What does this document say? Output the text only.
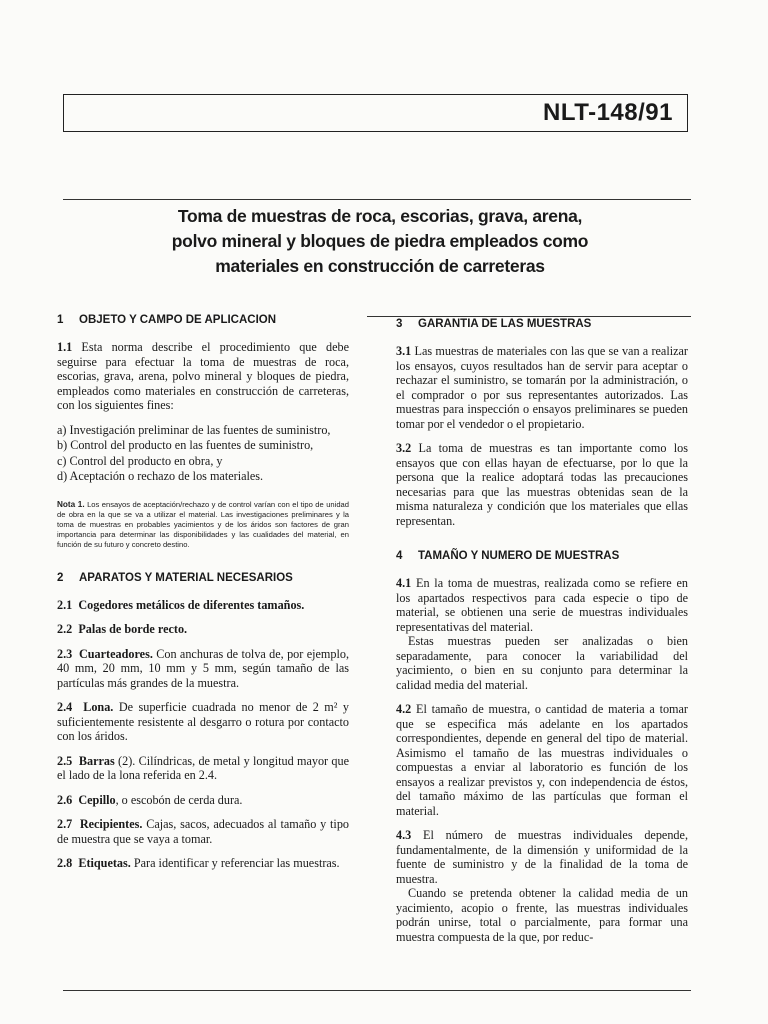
NLT-148/91
Toma de muestras de roca, escorias, grava, arena,
polvo mineral y bloques de piedra empleados como
materiales en construcción de carreteras
1 OBJETO Y CAMPO DE APLICACION

1.1 Esta norma describe el procedimiento que debe seguirse para efectuar la toma de muestras de roca, escorias, grava, arena, polvo mineral y bloques de piedra, empleados como materiales en construcción de carreteras, con los siguientes fines:

a) Investigación preliminar de las fuentes de suministro,
b) Control del producto en las fuentes de suministro,
c) Control del producto en obra, y
d) Aceptación o rechazo de los materiales.

Nota 1. Los ensayos de aceptación/rechazo y de control varían con el tipo de unidad de obra en la que se va a utilizar el material. Las investigaciones preliminares y la toma de muestras en probables yacimientos y de los áridos son factores de gran importancia para determinar las disponibilidades y las cualidades del material, en función de su futuro y concreto destino.

2 APARATOS Y MATERIAL NECESARIOS

2.1 Cogedores metálicos de diferentes tamaños.

2.2 Palas de borde recto.

2.3 Cuarteadores. Con anchuras de tolva de, por ejemplo, 40 mm, 20 mm, 10 mm y 5 mm, según tamaño de las partículas más grandes de la muestra.

2.4 Lona. De superficie cuadrada no menor de 2 m² y suficientemente resistente al desgarro o rotura por contacto con los áridos.

2.5 Barras (2). Cilíndricas, de metal y longitud mayor que el lado de la lona referida en 2.4.

2.6 Cepillo, o escobón de cerda dura.

2.7 Recipientes. Cajas, sacos, adecuados al tamaño y tipo de muestra que se vaya a tomar.

2.8 Etiquetas. Para identificar y referenciar las muestras.

3 GARANTIA DE LAS MUESTRAS

3.1 Las muestras de materiales con las que se van a realizar los ensayos, cuyos resultados han de servir para aceptar o rechazar el suministro, se tomarán por la administración, o el comprador o por sus representantes autorizados. Las muestras para inspección o ensayos preliminares se pueden tomar por el vendedor o el propietario.

3.2 La toma de muestras es tan importante como los ensayos que con ellas hayan de efectuarse, por lo que la persona que la realice adoptará todas las precauciones necesarias para que las muestras obtenidas sean de la misma naturaleza y condición que los materiales que ellas representan.

4 TAMAÑO Y NUMERO DE MUESTRAS

4.1 En la toma de muestras, realizada como se refiere en los apartados respectivos para cada especie o tipo de material, se obtienen una serie de muestras individuales representativas del material.

Estas muestras pueden ser analizadas o bien separadamente, para conocer la variabilidad del yacimiento, o bien en su conjunto para determinar la calidad media del material.

4.2 El tamaño de muestra, o cantidad de materia a tomar que se especifica más adelante en los apartados correspondientes, depende en general del tipo de material. Asimismo el tamaño de las muestras individuales o compuestas a enviar al laboratorio es función de los ensayos a realizar previstos y, con independencia de éstos, del tamaño máximo de las partículas que forman el material.

4.3 El número de muestras individuales depende, fundamentalmente, de la dimensión y uniformidad de la fuente de suministro y de la finalidad de la toma de muestra.

Cuando se pretenda obtener la calidad media de un yacimiento, acopio o frente, las muestras individuales podrán unirse, total o parcialmente, para formar una muestra compuesta de la que, por reduc-
